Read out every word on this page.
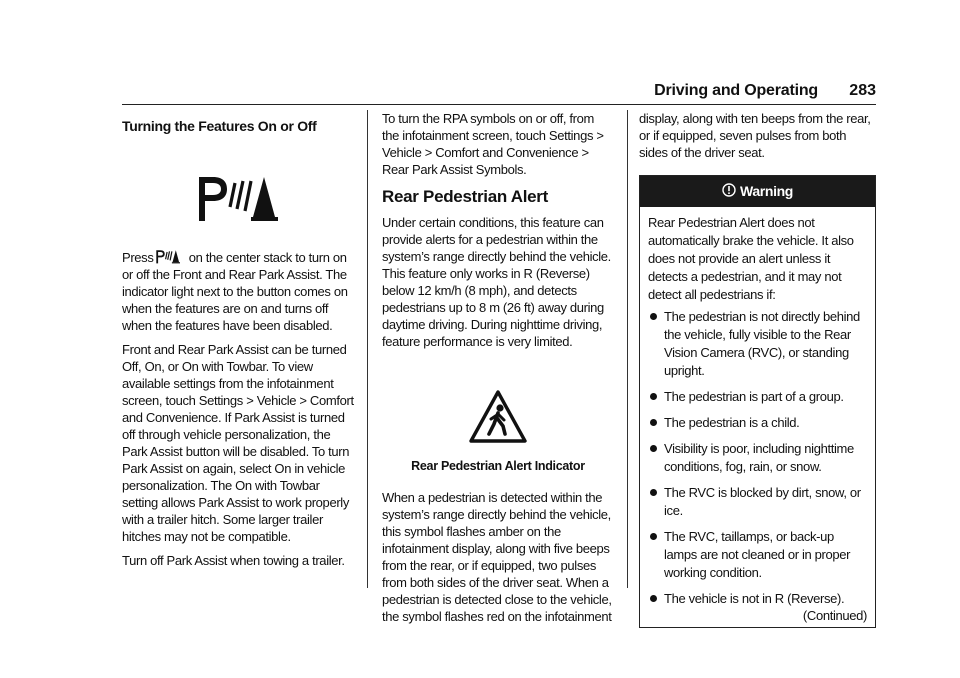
Driving and Operating 283
Turning the Features On or Off

Press on the center stack to turn on or off the Front and Rear Park Assist. The indicator light next to the button comes on when the features are on and turns off when the features have been disabled.

Front and Rear Park Assist can be turned Off, On, or On with Towbar. To view available settings from the infotainment screen, touch Settings > Vehicle > Comfort and Convenience. If Park Assist is turned off through vehicle personalization, the Park Assist button will be disabled. To turn Park Assist on again, select On in vehicle personalization. The On with Towbar setting allows Park Assist to work properly with a trailer hitch. Some larger trailer hitches may not be compatible.

Turn off Park Assist when towing a trailer.

To turn the RPA symbols on or off, from the infotainment screen, touch Settings > Vehicle > Comfort and Convenience > Rear Park Assist Symbols.

Rear Pedestrian Alert

Under certain conditions, this feature can provide alerts for a pedestrian within the system’s range directly behind the vehicle. This feature only works in R (Reverse) below 12 km/h (8 mph), and detects pedestrians up to 8 m (26 ft) away during daytime driving. During nighttime driving, feature performance is very limited.

Rear Pedestrian Alert Indicator

When a pedestrian is detected within the system’s range directly behind the vehicle, this symbol flashes amber on the infotainment display, along with five beeps from the rear, or if equipped, two pulses from both sides of the driver seat. When a pedestrian is detected close to the vehicle, the symbol flashes red on the infotainment

display, along with ten beeps from the rear, or if equipped, seven pulses from both sides of the driver seat.

Warning
Rear Pedestrian Alert does not automatically brake the vehicle. It also does not provide an alert unless it detects a pedestrian, and it may not detect all pedestrians if:
The pedestrian is not directly behind the vehicle, fully visible to the Rear Vision Camera (RVC), or standing upright.
The pedestrian is part of a group.
The pedestrian is a child.
Visibility is poor, including nighttime conditions, fog, rain, or snow.
The RVC is blocked by dirt, snow, or ice.
The RVC, taillamps, or back-up lamps are not cleaned or in proper working condition.
The vehicle is not in R (Reverse).
(Continued)
